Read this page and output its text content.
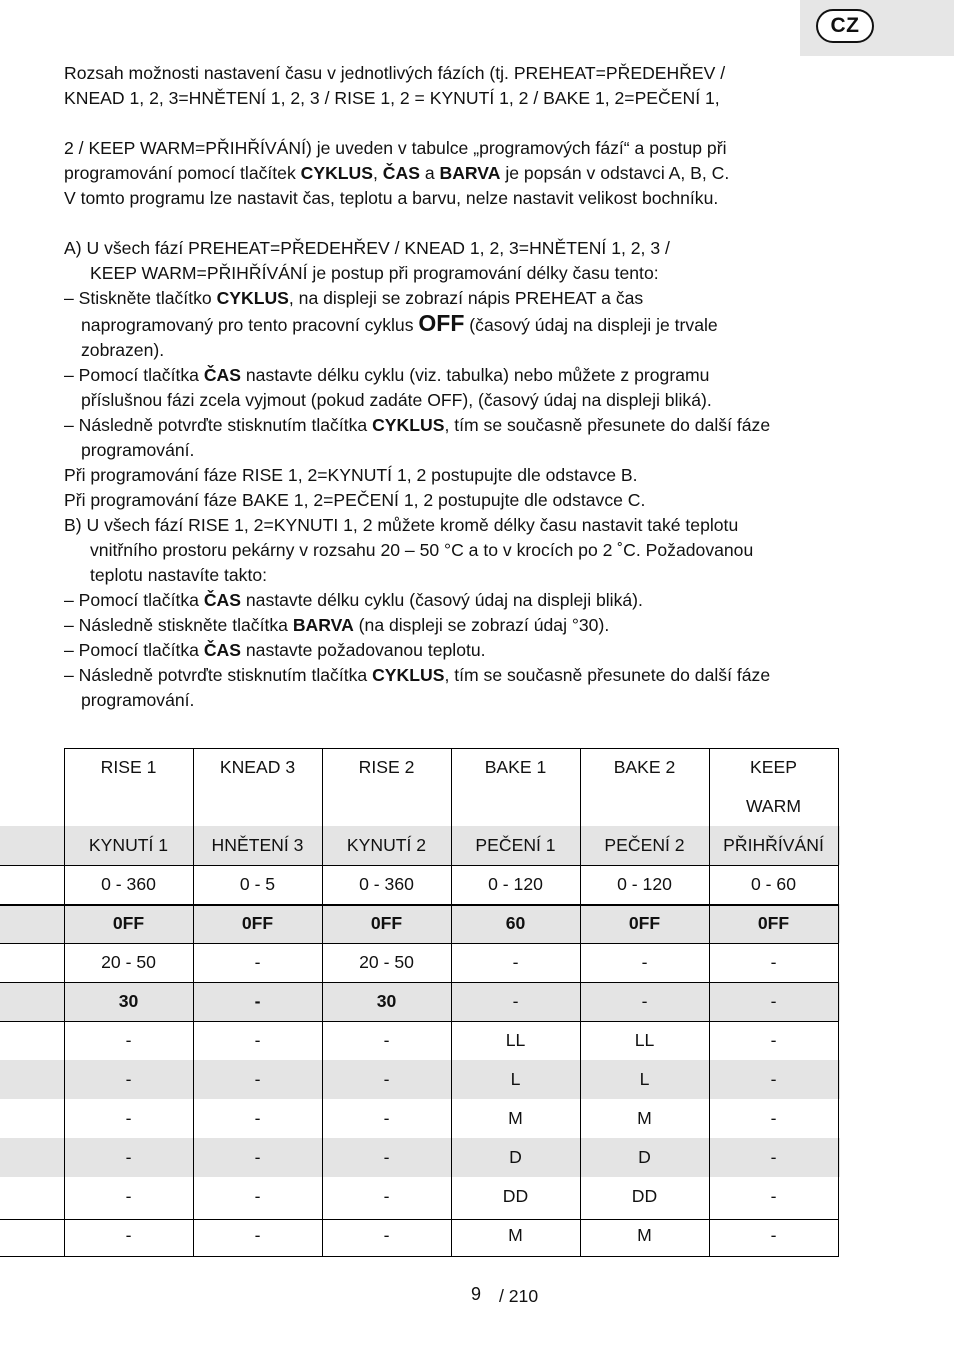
CZ

Rozsah možnosti nastavení času v jednotlivých fázích (tj. PREHEAT=PŘEDEHŘEV /

KNEAD 1, 2, 3=HNĚTENÍ 1, 2, 3 / RISE 1, 2 = KYNUTÍ 1, 2 / BAKE 1, 2=PEČENÍ 1,

2 / KEEP WARM=PŘIHŘÍVÁNÍ) je uveden v tabulce „programových fází“ a postup při

programování pomocí tlačítek CYKLUS, ČAS a BARVA je popsán v odstavci A, B, C.

V tomto programu lze nastavit čas, teplotu a barvu, nelze nastavit velikost bochníku.

A) U všech fází PREHEAT=PŘEDEHŘEV / KNEAD 1, 2, 3=HNĚTENÍ 1, 2, 3 /

KEEP WARM=PŘIHŘÍVÁNÍ je postup při programování délky času tento:

– Stiskněte tlačítko CYKLUS, na displeji se zobrazí nápis PREHEAT a čas

naprogramovaný pro tento pracovní cyklus OFF (časový údaj na displeji je trvale

zobrazen).

– Pomocí tlačítka ČAS nastavte délku cyklu (viz. tabulka) nebo můžete z programu

příslušnou fázi zcela vyjmout (pokud zadáte OFF), (časový údaj na displeji bliká).

– Následně potvrďte stisknutím tlačítka CYKLUS, tím se současně přesunete do další fáze

programování.

Při programování fáze RISE 1, 2=KYNUTÍ 1, 2 postupujte dle odstavce B.

Při programování fáze BAKE 1, 2=PEČENÍ 1, 2 postupujte dle odstavce C.

B) U všech fází RISE 1, 2=KYNUTI 1, 2 můžete kromě délky času nastavit také teplotu

vnitřního prostoru pekárny v rozsahu 20 – 50 °C a to v krocích po 2 ˚C. Požadovanou

teplotu nastavíte takto:

– Pomocí tlačítka ČAS nastavte délku cyklu (časový údaj na displeji bliká).

– Následně stiskněte tlačítka BARVA (na displeji se zobrazí údaj °30).

– Pomocí tlačítka ČAS nastavte požadovanou teplotu.

– Následně potvrďte stisknutím tlačítka CYKLUS, tím se současně přesunete do další fáze

programování.

RISE 1	KNEAD 3	RISE 2	BAKE 1	BAKE 2	KEEP
WARM
KYNUTÍ 1	HNĚTENÍ 3	KYNUTÍ 2	PEČENÍ 1	PEČENÍ 2	PŘIHŘÍVÁNÍ
0 - 360	0 - 5	0 - 360	0 - 120	0 - 120	0 - 60
0FF	0FF	0FF	60	0FF	0FF
20 - 50	-	20 - 50	-	-	-
30	-	30	-	-	-
-	-	-	LL	LL	-
-	-	-	L	L	-
-	-	-	M	M	-
-	-	-	D	D	-
-	-	-	DD	DD	-
-	-	-	M	M	-
9 / 210
